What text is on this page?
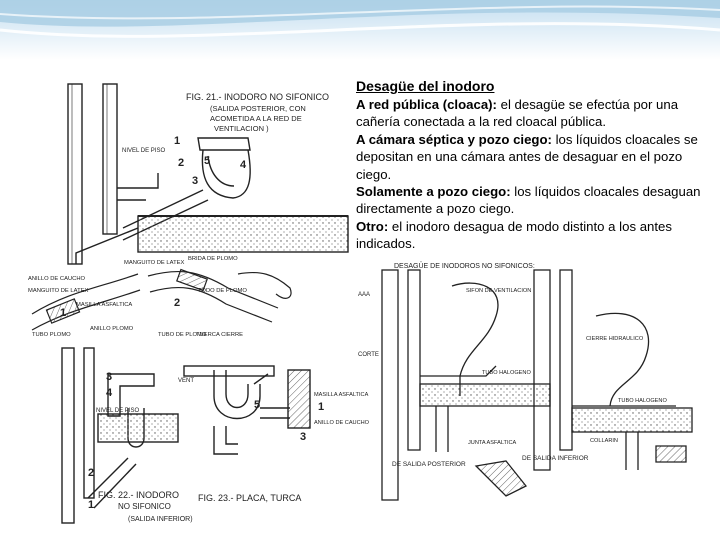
Desagüe del inodoro

A red pública (cloaca): el desagüe se efectúa por una cañería conectada a la red cloacal pública.

A cámara séptica y pozo ciego: los líquidos cloacales se depositan en una cámara antes de desaguar en el pozo ciego.

Solamente a pozo ciego: los líquidos cloacales desaguan directamente a pozo ciego.

Otro: el inodoro desagua de modo distinto a los antes indicados.

FIG. 21.- INODORO NO SIFONICO
(SALIDA POSTERIOR, CON
ACOMETIDA A LA RED DE
VENTILACION )
NIVEL DE PISO
1
2 5
3
4
ANILLO DE CAUCHO
MANGUITO DE LATEX
MANGUITO DE LATEX
MASILLA ASFALTICA
BRIDA DE PLOMO
TUBO PLOMO
ANILLO PLOMO
TUBO DE PLOMO
TODO DE PLOMO
TUERCA CIERRE
1
2
FIG. 22.- INODORO
NO SIFONICO
(SALIDA INFERIOR)
NIVEL DE PISO
3
4
2
1
VENT
MASILLA ASFALTICA
ANILLO DE CAUCHO
FIG. 23.- PLACA, TURCA
5
3
1
DESAGÜE DE INODOROS NO SIFONICOS:
AAA
CORTE
SIFON DE VENTILACION
CIERRE HIDRAULICO
TUBO HALOGENO
TUBO HALOGENO
COLLARIN
JUNTA ASFALTICA
DE SALIDA POSTERIOR
DE SALIDA INFERIOR
